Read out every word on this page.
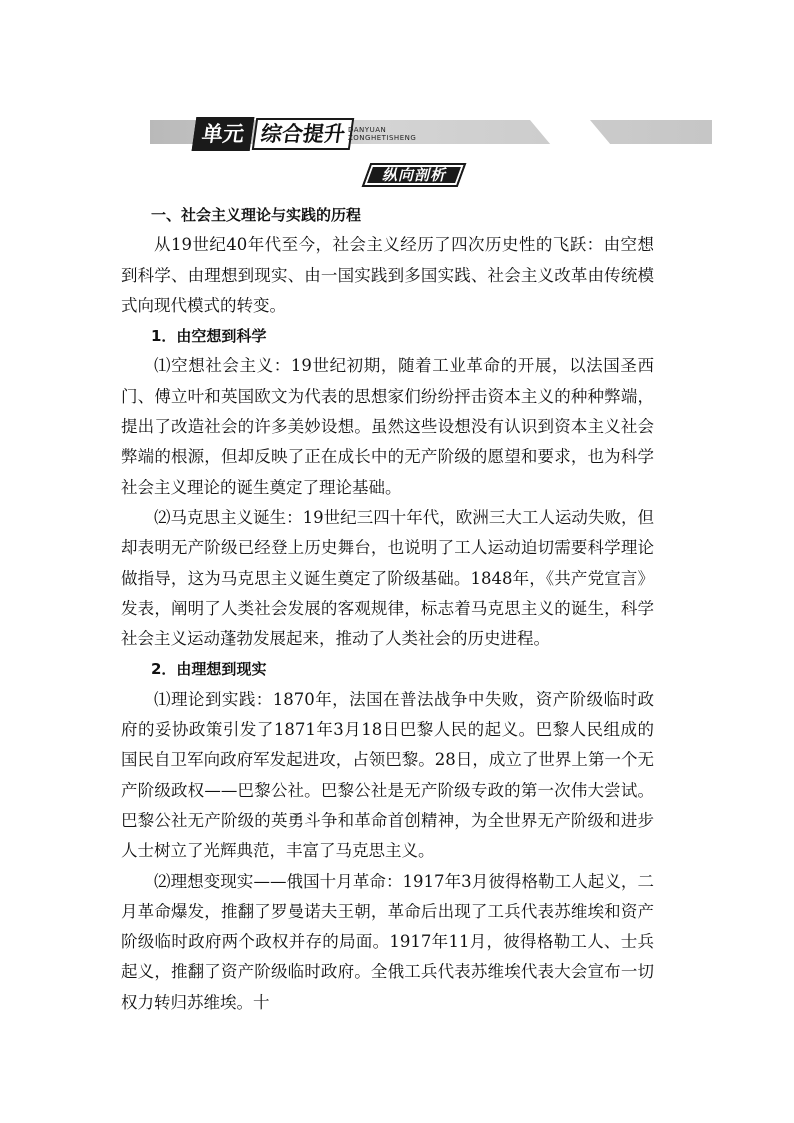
单元 综合提升 DANYUAN
ZONGHETISHENG
纵向剖析

一、社会主义理论与实践的历程

从19世纪40年代至今，社会主义经历了四次历史性的飞跃：由空想到科学、由理想到现实、由一国实践到多国实践、社会主义改革由传统模式向现代模式的转变。

1．由空想到科学

⑴空想社会主义：19世纪初期，随着工业革命的开展，以法国圣西门、傅立叶和英国欧文为代表的思想家们纷纷抨击资本主义的种种弊端，提出了改造社会的许多美妙设想。虽然这些设想没有认识到资本主义社会弊端的根源，但却反映了正在成长中的无产阶级的愿望和要求，也为科学社会主义理论的诞生奠定了理论基础。

⑵马克思主义诞生：19世纪三四十年代，欧洲三大工人运动失败，但却表明无产阶级已经登上历史舞台，也说明了工人运动迫切需要科学理论做指导，这为马克思主义诞生奠定了阶级基础。1848年，《共产党宣言》发表，阐明了人类社会发展的客观规律，标志着马克思主义的诞生，科学社会主义运动蓬勃发展起来，推动了人类社会的历史进程。

2．由理想到现实

⑴理论到实践：1870年，法国在普法战争中失败，资产阶级临时政府的妥协政策引发了1871年3月18日巴黎人民的起义。巴黎人民组成的国民自卫军向政府军发起进攻，占领巴黎。28日，成立了世界上第一个无产阶级政权——巴黎公社。巴黎公社是无产阶级专政的第一次伟大尝试。巴黎公社无产阶级的英勇斗争和革命首创精神，为全世界无产阶级和进步人士树立了光辉典范，丰富了马克思主义。

⑵理想变现实——俄国十月革命：1917年3月彼得格勒工人起义，二月革命爆发，推翻了罗曼诺夫王朝，革命后出现了工兵代表苏维埃和资产阶级临时政府两个政权并存的局面。1917年11月，彼得格勒工人、士兵起义，推翻了资产阶级临时政府。全俄工兵代表苏维埃代表大会宣布一切权力转归苏维埃。十
